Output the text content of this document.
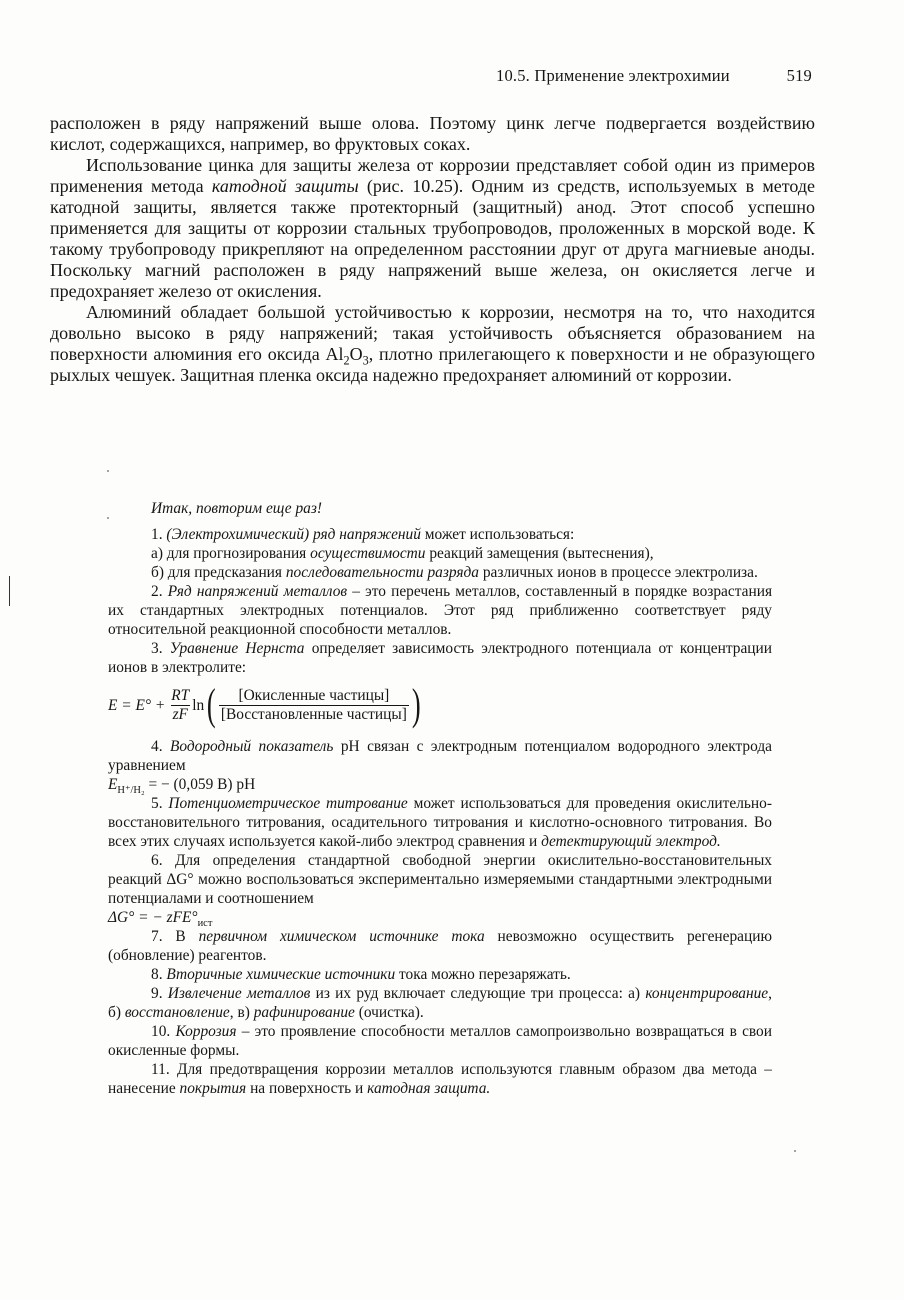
10.5. Применение электрохимии	519

расположен в ряду напряжений выше олова. Поэтому цинк легче подвергается воздействию кислот, содержащихся, например, во фруктовых соках.

Использование цинка для защиты железа от коррозии представляет собой один из примеров применения метода катодной защиты (рис. 10.25). Одним из средств, используемых в методе катодной защиты, является также протекторный (защитный) анод. Этот способ успешно применяется для защиты от коррозии стальных трубопроводов, проложенных в морской воде. К такому трубопроводу прикрепляют на определенном расстоянии друг от друга магниевые аноды. Поскольку магний расположен в ряду напряжений выше железа, он окисляется легче и предохраняет железо от окисления.

Алюминий обладает большой устойчивостью к коррозии, несмотря на то, что находится довольно высоко в ряду напряжений; такая устойчивость объясняется образованием на поверхности алюминия его оксида $Al_2O_3$, плотно прилегающего к поверхности и не образующего рыхлых чешуек. Защитная пленка оксида надежно предохраняет алюминий от коррозии.

Итак, повторим еще раз!

1. (Электрохимический) ряд напряжений может использоваться:

а) для прогнозирования осуществимости реакций замещения (вытеснения),

б) для предсказания последовательности разряда различных ионов в процессе электролиза.

2. Ряд напряжений металлов – это перечень металлов, составленный в порядке возрастания их стандартных электродных потенциалов. Этот ряд приближенно соответствует ряду относительной реакционной способности металлов.

3. Уравнение Нернста определяет зависимость электродного потенциала от концентрации ионов в электролите:

$E = E^\circ + \frac{RT}{zF}$ ln ( $\frac{\text{[Окисленные частицы]}}{\text{[Восстановленные частицы]}}$ )

4. Водородный показатель pH связан с электродным потенциалом водородного электрода уравнением

$E_{H^+/H_2}$ = − (0,059 В) pH

5. Потенциометрическое титрование может использоваться для проведения окислительно-восстановительного титрования, осадительного титрования и кислотно-основного титрования. Во всех этих случаях используется какой-либо электрод сравнения и детектирующий электрод.

6. Для определения стандартной свободной энергии окислительно-восстановительных реакций ΔG° можно воспользоваться экспериментально измеряемыми стандартными электродными потенциалами и соотношением

ΔG° = − $zFE^\circ_{ист}$

7. В первичном химическом источнике тока невозможно осуществить регенерацию (обновление) реагентов.

8. Вторичные химические источники тока можно перезаряжать.

9. Извлечение металлов из их руд включает следующие три процесса: а) концентрирование, б) восстановление, в) рафинирование (очистка).

10. Коррозия – это проявление способности металлов самопроизвольно возвращаться в свои окисленные формы.

11. Для предотвращения коррозии металлов используются главным образом два метода – нанесение покрытия на поверхность и катодная защита.
